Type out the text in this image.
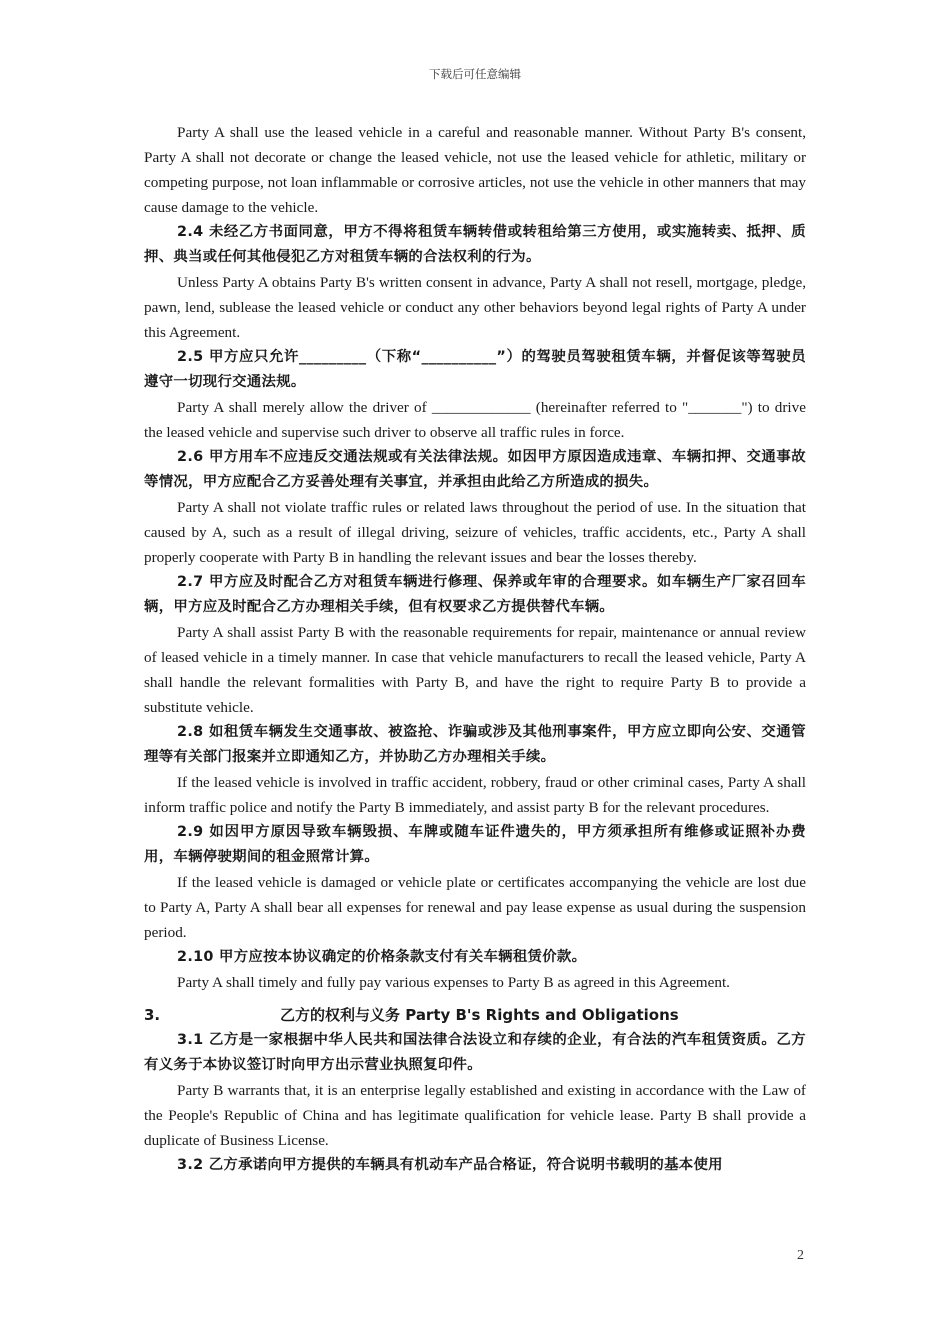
下载后可任意编辑

Party A shall use the leased vehicle in a careful and reasonable manner. Without Party B's consent, Party A shall not decorate or change the leased vehicle, not use the leased vehicle for athletic, military or competing purpose, not loan inflammable or corrosive articles, not use the vehicle in other manners that may cause damage to the vehicle.

2.4 未经乙方书面同意，甲方不得将租赁车辆转借或转租给第三方使用，或实施转卖、抵押、质押、典当或任何其他侵犯乙方对租赁车辆的合法权利的行为。

Unless Party A obtains Party B's written consent in advance, Party A shall not resell, mortgage, pledge, pawn, lend, sublease the leased vehicle or conduct any other behaviors beyond legal rights of Party A under this Agreement.

2.5 甲方应只允许_________（下称“__________”）的驾驶员驾驶租赁车辆，并督促该等驾驶员遵守一切现行交通法规。

Party A shall merely allow the driver of _____________ (hereinafter referred to "_______") to drive the leased vehicle and supervise such driver to observe all traffic rules in force.

2.6 甲方用车不应违反交通法规或有关法律法规。如因甲方原因造成违章、车辆扣押、交通事故等情况，甲方应配合乙方妥善处理有关事宜，并承担由此给乙方所造成的损失。

Party A shall not violate traffic rules or related laws throughout the period of use. In the situation that caused by A, such as a result of illegal driving, seizure of vehicles, traffic accidents, etc., Party A shall properly cooperate with Party B in handling the relevant issues and bear the losses thereby.

2.7 甲方应及时配合乙方对租赁车辆进行修理、保养或年审的合理要求。如车辆生产厂家召回车辆，甲方应及时配合乙方办理相关手续，但有权要求乙方提供替代车辆。

Party A shall assist Party B with the reasonable requirements for repair, maintenance or annual review of leased vehicle in a timely manner. In case that vehicle manufacturers to recall the leased vehicle, Party A shall handle the relevant formalities with Party B, and have the right to require Party B to provide a substitute vehicle.

2.8 如租赁车辆发生交通事故、被盗抢、诈骗或涉及其他刑事案件，甲方应立即向公安、交通管理等有关部门报案并立即通知乙方，并协助乙方办理相关手续。

If the leased vehicle is involved in traffic accident, robbery, fraud or other criminal cases, Party A shall inform traffic police and notify the Party B immediately, and assist party B for the relevant procedures.

2.9 如因甲方原因导致车辆毁损、车牌或随车证件遗失的，甲方须承担所有维修或证照补办费用，车辆停驶期间的租金照常计算。

If the leased vehicle is damaged or vehicle plate or certificates accompanying the vehicle are lost due to Party A, Party A shall bear all expenses for renewal and pay lease expense as usual during the suspension period.

2.10 甲方应按本协议确定的价格条款支付有关车辆租赁价款。

Party A shall timely and fully pay various expenses to Party B as agreed in this Agreement.

3.	乙方的权利与义务 Party B's Rights and Obligations

3.1 乙方是一家根据中华人民共和国法律合法设立和存续的企业，有合法的汽车租赁资质。乙方有义务于本协议签订时向甲方出示营业执照复印件。

Party B warrants that, it is an enterprise legally established and existing in accordance with the Law of the People's Republic of China and has legitimate qualification for vehicle lease. Party B shall provide a duplicate of Business License.

3.2 乙方承诺向甲方提供的车辆具有机动车产品合格证，符合说明书载明的基本使用

2
